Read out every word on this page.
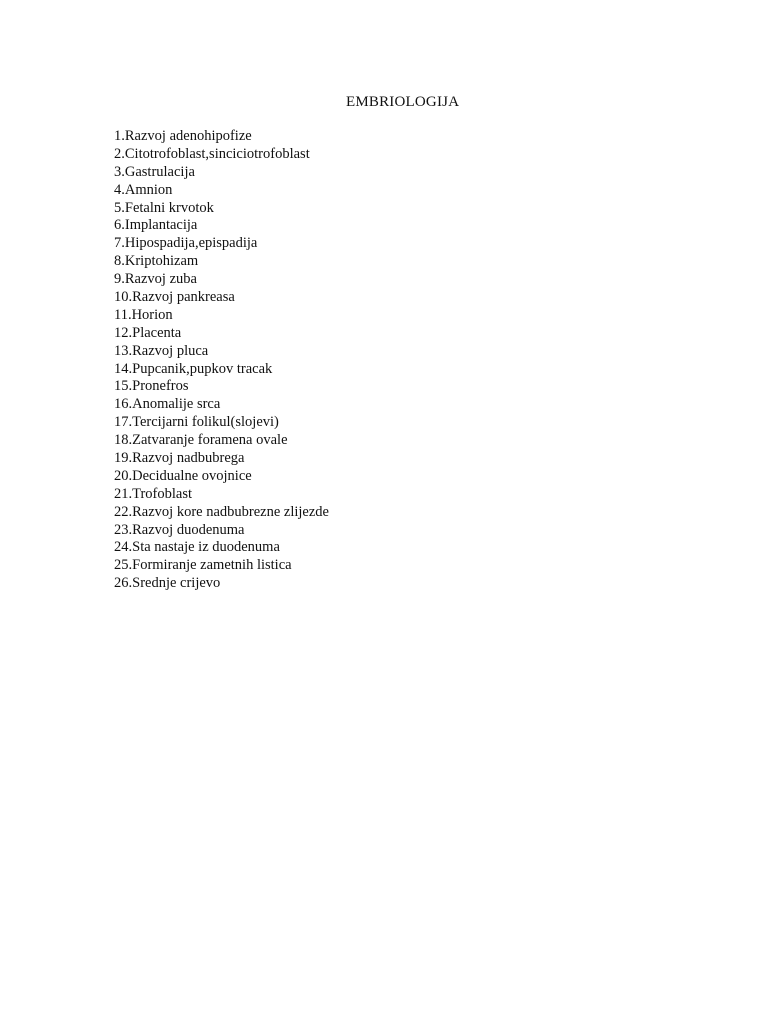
EMBRIOLOGIJA
1.Razvoj adenohipofize
2.Citotrofoblast,sinciciotrofoblast
3.Gastrulacija
4.Amnion
5.Fetalni krvotok
6.Implantacija
7.Hipospadija,epispadija
8.Kriptohizam
9.Razvoj zuba
10.Razvoj pankreasa
11.Horion
12.Placenta
13.Razvoj pluca
14.Pupcanik,pupkov tracak
15.Pronefros
16.Anomalije srca
17.Tercijarni folikul(slojevi)
18.Zatvaranje foramena ovale
19.Razvoj nadbubrega
20.Decidualne ovojnice
21.Trofoblast
22.Razvoj kore nadbubrezne zlijezde
23.Razvoj duodenuma
24.Sta nastaje iz duodenuma
25.Formiranje zametnih listica
26.Srednje crijevo
